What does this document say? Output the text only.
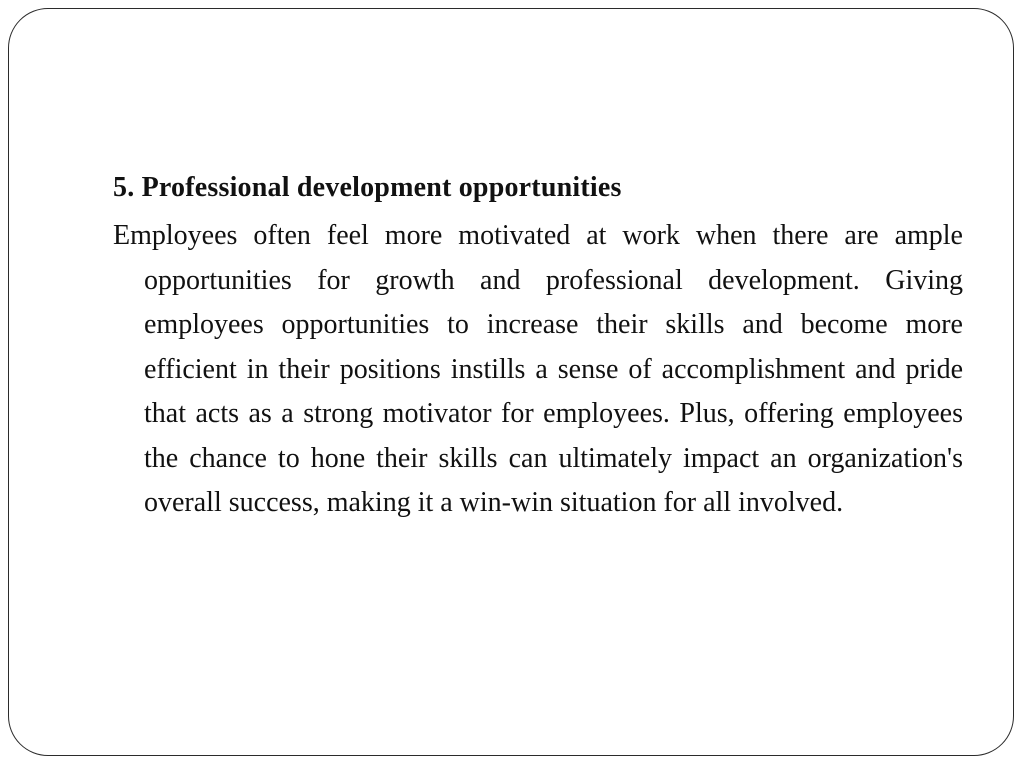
5. Professional development opportunities

Employees often feel more motivated at work when there are ample opportunities for growth and professional development. Giving employees opportunities to increase their skills and become more efficient in their positions instills a sense of accomplishment and pride that acts as a strong motivator for employees. Plus, offering employees the chance to hone their skills can ultimately impact an organization's overall success, making it a win-win situation for all involved.
